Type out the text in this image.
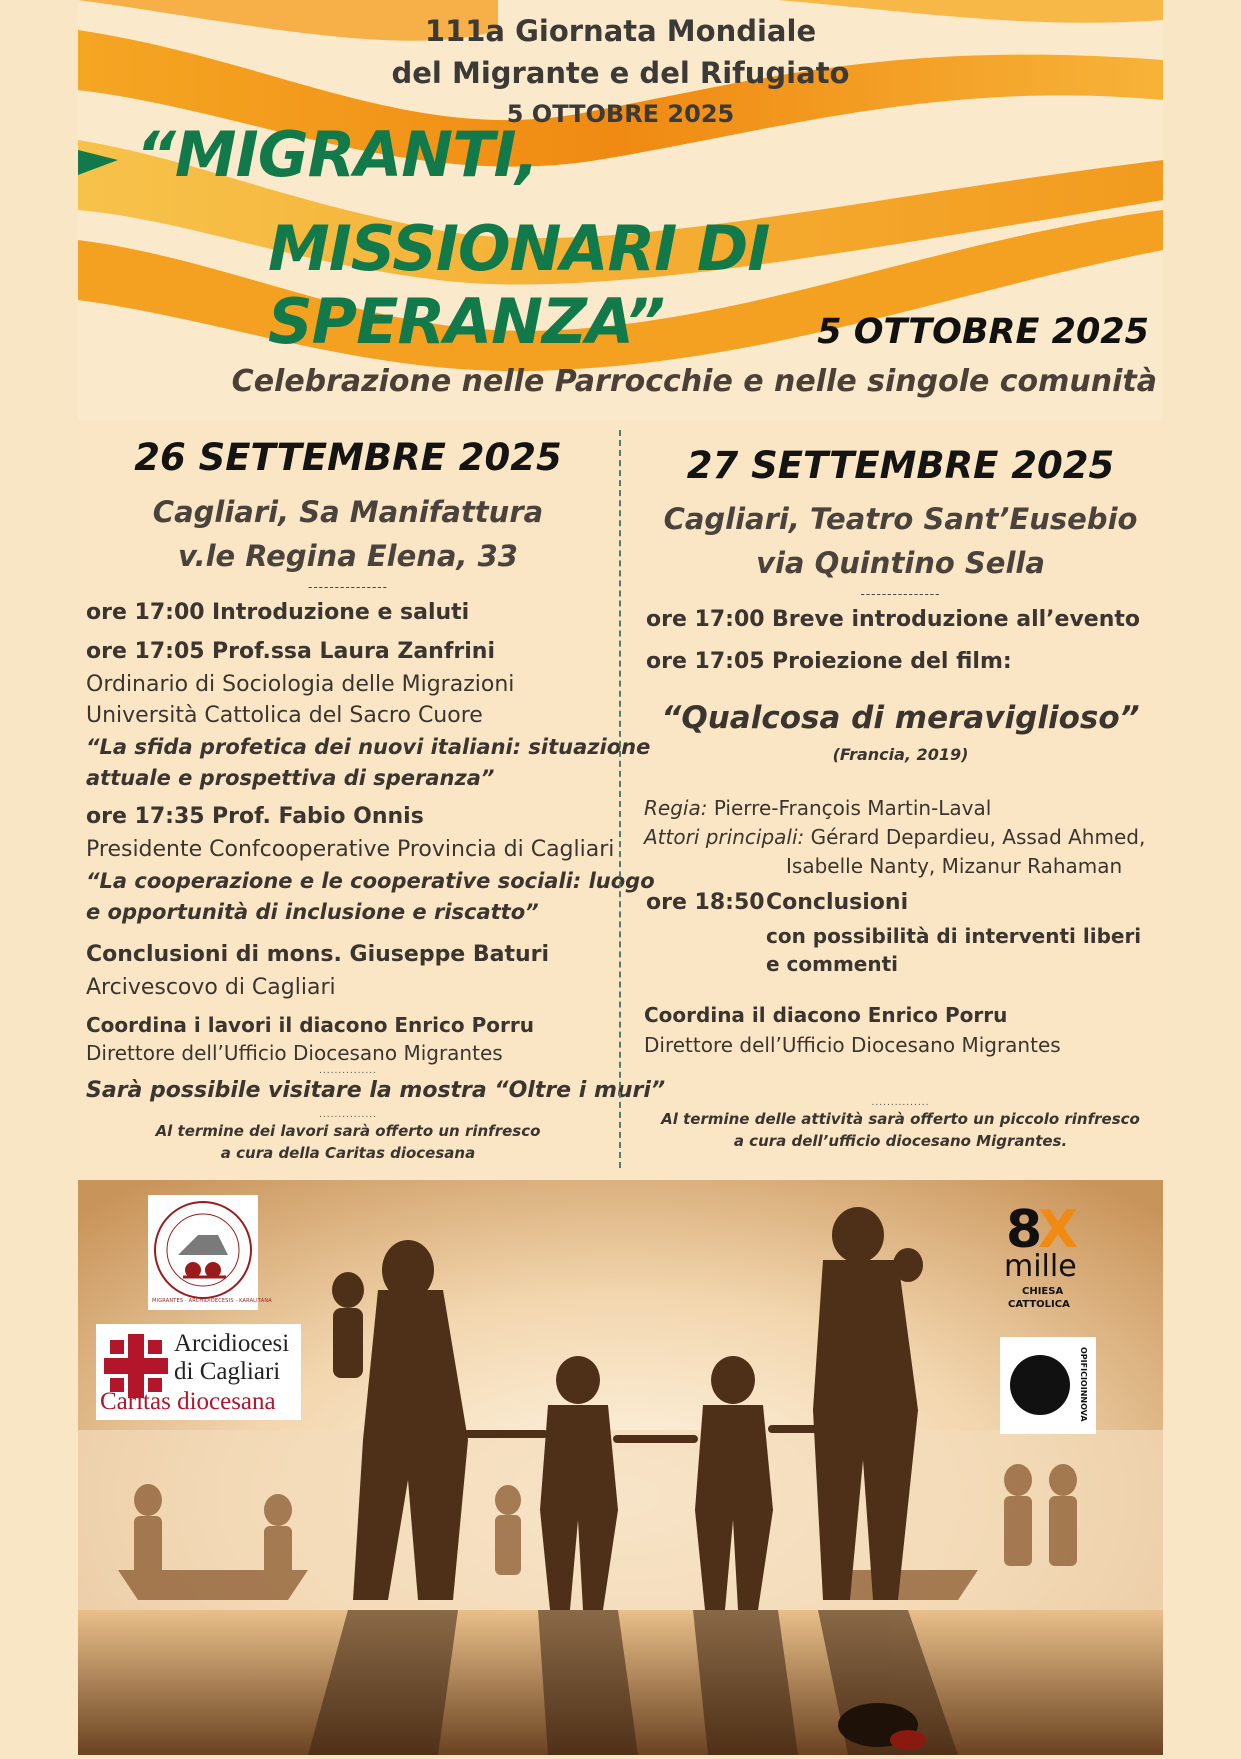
111a Giornata Mondiale
del Migrante e del Rifugiato
5 OTTOBRE 2025
“MIGRANTI,
MISSIONARI DI SPERANZA”	5 OTTOBRE 2025
Celebrazione nelle Parrocchie e nelle singole comunità
26 SETTEMBRE 2025
Cagliari, Sa Manifattura
v.le Regina Elena, 33
---------------
ore 17:00 Introduzione e saluti
ore 17:05 Prof.ssa Laura Zanfrini
Ordinario di Sociologia delle Migrazioni
Università Cattolica del Sacro Cuore
“La sfida profetica dei nuovi italiani: situazione
attuale e prospettiva di speranza”
ore 17:35 Prof. Fabio Onnis
Presidente Confcooperative Provincia di Cagliari
“La cooperazione e le cooperative sociali: luogo
e opportunità di inclusione e riscatto”
Conclusioni di mons. Giuseppe Baturi
Arcivescovo di Cagliari
Coordina i lavori il diacono Enrico Porru
Direttore dell’Ufficio Diocesano Migrantes
...............
Sarà possibile visitare la mostra “Oltre i muri”
...............
Al termine dei lavori sarà offerto un rinfresco
a cura della Caritas diocesana
27 SETTEMBRE 2025
Cagliari, Teatro Sant’Eusebio
via Quintino Sella
---------------
ore 17:00 Breve introduzione all’evento
ore 17:05 Proiezione del film:
“Qualcosa di meraviglioso”
(Francia, 2019)
Regia: Pierre-François Martin-Laval
Attori principali: Gérard Depardieu, Assad Ahmed,
Isabelle Nanty, Mizanur Rahaman
ore 18:50Conclusioni
con possibilità di interventi liberi
e commenti
Coordina il diacono Enrico Porru
Direttore dell’Ufficio Diocesano Migrantes
...............
Al termine delle attività sarà offerto un piccolo rinfresco
a cura dell’ufficio diocesano Migrantes.
MIGRANTES · ARCHIDIOECESIS · KARALITANA
Arcidiocesi
di Cagliari
Caritas diocesana
8
X
mille
CHIESA
CATTOLICA
OPIFICIOINNOVA
